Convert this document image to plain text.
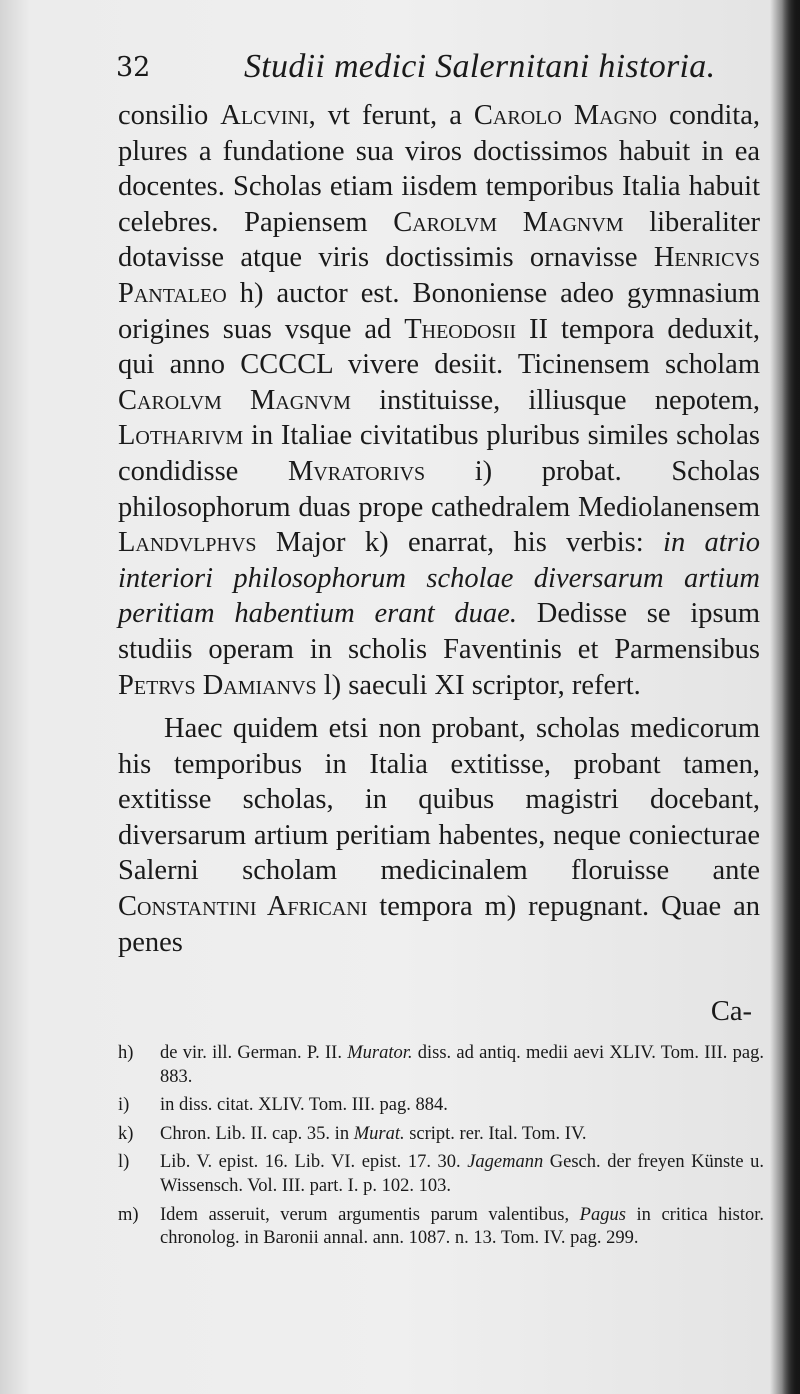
32	Studii medici Salernitani historia.

consilio Alcvini, vt ferunt, a Carolo Magno condita, plures a fundatione sua viros doctissimos habuit in ea docentes. Scholas etiam iisdem temporibus Italia habuit celebres. Papiensem Carolvm Magnvm liberaliter dotavisse atque viris doctissimis ornavisse Henricvs Pantaleo h) auctor est. Bononiense adeo gymnasium origines suas vsque ad Theodosii II tempora deduxit, qui anno CCCCL vivere desiit. Ticinensem scholam Carolvm Magnvm instituisse, illiusque nepotem, Lotharivm in Italiae civitatibus pluribus similes scholas condidisse Mvratorivs i) probat. Scholas philosophorum duas prope cathedralem Mediolanensem Landvlphvs Major k) enarrat, his verbis: in atrio interiori philosophorum scholae diversarum artium peritiam habentium erant duae. Dedisse se ipsum studiis operam in scholis Faventinis et Parmensibus Petrvs Damianvs l) saeculi XI scriptor, refert.

Haec quidem etsi non probant, scholas medicorum his temporibus in Italia extitisse, probant tamen, extitisse scholas, in quibus magistri docebant, diversarum artium peritiam habentes, neque coniecturae Salerni scholam medicinalem floruisse ante Constantini Africani tempora m) repugnant. Quae an penes

Ca-
h)	de vir. ill. German. P. II. Murator. diss. ad antiq. medii aevi XLIV. Tom. III. pag. 883.
i)	in diss. citat. XLIV. Tom. III. pag. 884.
k)	Chron. Lib. II. cap. 35. in Murat. script. rer. Ital. Tom. IV.
l)	Lib. V. epist. 16. Lib. VI. epist. 17. 30. Jagemann Gesch. der freyen Künste u. Wissensch. Vol. III. part. I. p. 102. 103.
m)	Idem asseruit, verum argumentis parum valentibus, Pagus in critica histor. chronolog. in Baronii annal. ann. 1087. n. 13. Tom. IV. pag. 299.
